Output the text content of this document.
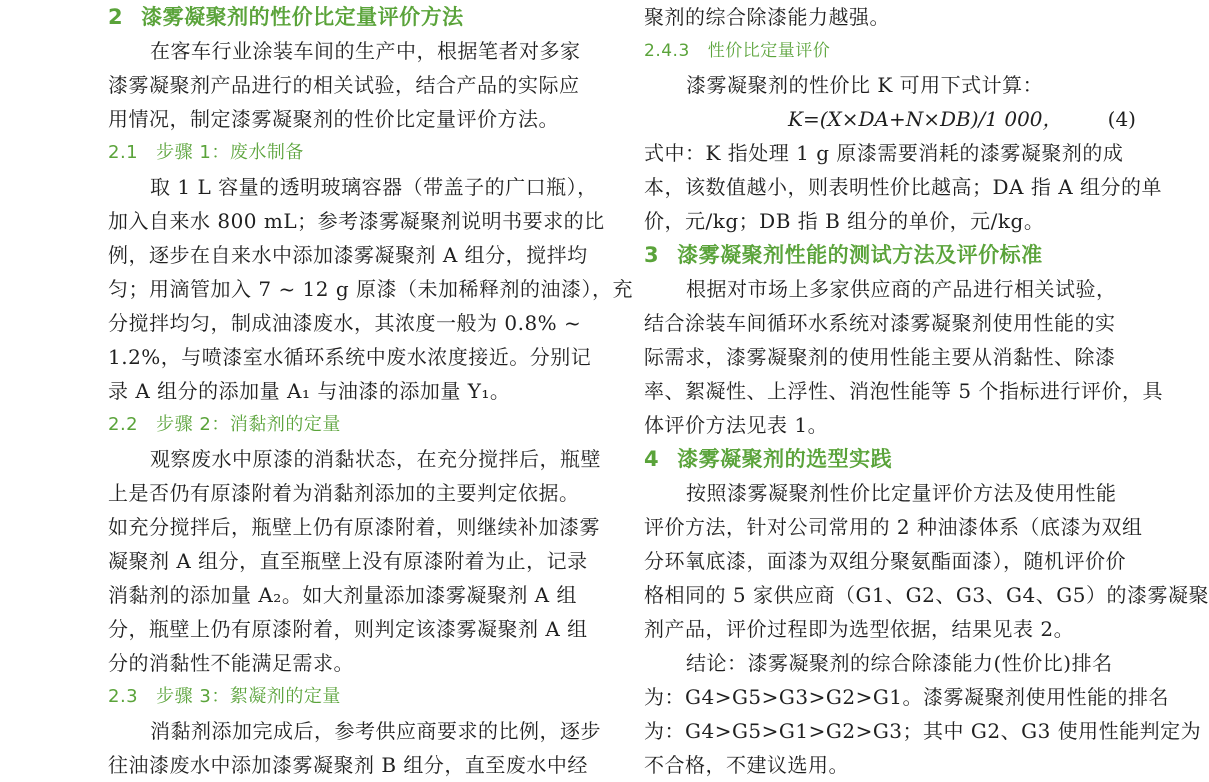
2 漆雾凝聚剂的性价比定量评价方法
在客车行业涂装车间的生产中，根据笔者对多家
漆雾凝聚剂产品进行的相关试验，结合产品的实际应
用情况，制定漆雾凝聚剂的性价比定量评价方法。
2.1 步骤 1：废水制备
取 1 L 容量的透明玻璃容器（带盖子的广口瓶），
加入自来水 800 mL；参考漆雾凝聚剂说明书要求的比
例，逐步在自来水中添加漆雾凝聚剂 A 组分，搅拌均
匀；用滴管加入 7 ~ 12 g 原漆（未加稀释剂的油漆），充
分搅拌均匀，制成油漆废水，其浓度一般为 0.8% ~
1.2%，与喷漆室水循环系统中废水浓度接近。分别记
录 A 组分的添加量 A₁ 与油漆的添加量 Y₁。
2.2 步骤 2：消黏剂的定量
观察废水中原漆的消黏状态，在充分搅拌后，瓶壁
上是否仍有原漆附着为消黏剂添加的主要判定依据。
如充分搅拌后，瓶壁上仍有原漆附着，则继续补加漆雾
凝聚剂 A 组分，直至瓶壁上没有原漆附着为止，记录
消黏剂的添加量 A₂。如大剂量添加漆雾凝聚剂 A 组
分，瓶壁上仍有原漆附着，则判定该漆雾凝聚剂 A 组
分的消黏性不能满足需求。
2.3 步骤 3：絮凝剂的定量
消黏剂添加完成后，参考供应商要求的比例，逐步
往油漆废水中添加漆雾凝聚剂 B 组分，直至废水中经
聚剂的综合除漆能力越强。
2.4.3 性价比定量评价
漆雾凝聚剂的性价比 K 可用下式计算：
K=(X×DA+N×DB)/1 000， (4)
式中：K 指处理 1 g 原漆需要消耗的漆雾凝聚剂的成
本，该数值越小，则表明性价比越高；DA 指 A 组分的单
价，元/kg；DB 指 B 组分的单价，元/kg。
3 漆雾凝聚剂性能的测试方法及评价标准
根据对市场上多家供应商的产品进行相关试验，
结合涂装车间循环水系统对漆雾凝聚剂使用性能的实
际需求，漆雾凝聚剂的使用性能主要从消黏性、除漆
率、絮凝性、上浮性、消泡性能等 5 个指标进行评价，具
体评价方法见表 1。
4 漆雾凝聚剂的选型实践
按照漆雾凝聚剂性价比定量评价方法及使用性能
评价方法，针对公司常用的 2 种油漆体系（底漆为双组
分环氧底漆，面漆为双组分聚氨酯面漆），随机评价价
格相同的 5 家供应商（G1、G2、G3、G4、G5）的漆雾凝聚
剂产品，评价过程即为选型依据，结果见表 2。
结论：漆雾凝聚剂的综合除漆能力(性价比)排名
为：G4>G5>G3>G2>G1。漆雾凝聚剂使用性能的排名
为：G4>G5>G1>G2>G3；其中 G2、G3 使用性能判定为
不合格，不建议选用。
